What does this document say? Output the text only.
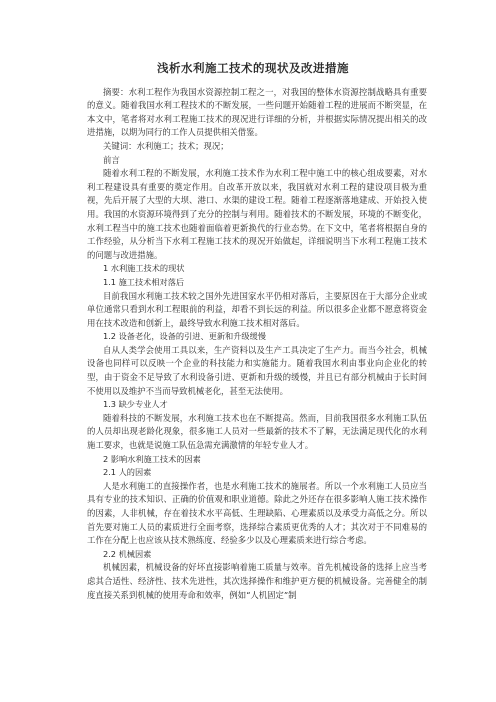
浅析水利施工技术的现状及改进措施

摘要：水利工程作为我国水资源控制工程之一，对我国的整体水资源控制战略具有重要的意义。随着我国水利工程技术的不断发展，一些问题开始随着工程的进展而不断突显，在本文中，笔者将对水利工程施工技术的现况进行详细的分析，并根据实际情况提出相关的改进措施，以期为同行的工作人员提供相关借鉴。

关键词：水利施工；技术；现况；

前言

随着水利工程的不断发展，水利施工技术作为水利工程中施工中的核心组成要素，对水利工程建设具有重要的奠定作用。自改革开放以来，我国就对水利工程的建设项目极为重视，先后开展了大型的大坝、港口、水渠的建设工程。随着工程逐渐落地建成、开始投入使用。我国的水资源环境得到了充分的控制与利用。随着技术的不断发展，环境的不断变化，水利工程当中的施工技术也随着面临着更新换代的行业态势。在下文中，笔者将根据自身的工作经验，从分析当下水利工程施工技术的现况开始做起，详细说明当下水利工程施工技术的问题与改进措施。

1 水利施工技术的现状

1.1 施工技术相对落后

目前我国水利施工技术较之国外先进国家水平仍相对落后，主要原因在于大部分企业或单位通常只看到水利工程眼前的利益，却看不到长远的利益。所以很多企业都不愿意将资金用在技术改造和创新上，最终导致水利施工技术相对落后。

1.2 设备老化，设备的引进、更新和升级缓慢

自从人类学会使用工具以来，生产资料以及生产工具决定了生产力。而当今社会，机械设备也同样可以反映一个企业的科技能力和实施能力。随着我国水利由事业向企业化的转型，由于资金不足导致了水利设备引进、更新和升级的缓慢，并且已有部分机械由于长时间不使用以及维护不当而导致机械老化，甚至无法使用。

1.3 缺少专业人才

随着科技的不断发展，水利施工技术也在不断提高。然而，目前我国很多水利施工队伍的人员却出现老龄化现象，很多施工人员对一些最新的技术不了解，无法满足现代化的水利施工要求，也就是说施工队伍急需充满激情的年轻专业人才。

2 影响水利施工技术的因素

2.1 人的因素

人是水利施工的直接操作者，也是水利施工技术的施展者。所以一个水利施工人员应当具有专业的技术知识、正确的价值观和职业道德。除此之外还存在很多影响人施工技术操作的因素，人非机械，存在着技术水平高低、生理缺陷、心理素质以及承受力高低之分。所以首先要对施工人员的素质进行全面考察，选择综合素质更优秀的人才；其次对于不同难易的工作在分配上也应该从技术熟练度、经验多少以及心理素质来进行综合考虑。

2.2 机械因素

机械因素，机械设备的好坏直接影响着施工质量与效率。首先机械设备的选择上应当考虑其合适性、经济性、技术先进性，其次选择操作和维护更方便的机械设备。完善健全的制度直接关系到机械的使用寿命和效率，例如“人机固定”制
